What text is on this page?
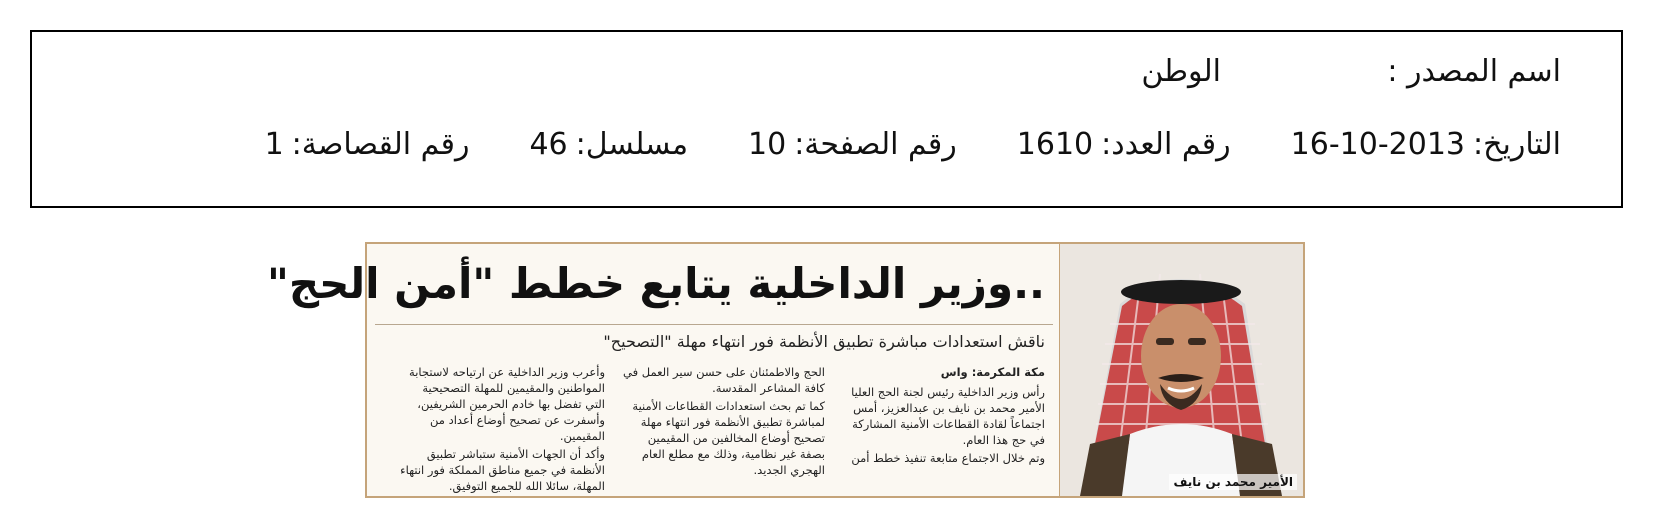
اسم المصدر :
الوطن
التاريخ:2013-10-16
رقم العدد:1610
رقم الصفحة:10
مسلسل:46
رقم القصاصة:1
الأمير محمد بن نايف
..وزير الداخلية يتابع خطط "أمن الحج"
ناقش استعدادات مباشرة تطبيق الأنظمة فور انتهاء مهلة "التصحيح"

مكة المكرمة: واس

رأس وزير الداخلية رئيس لجنة الحج العليا الأمير محمد بن نايف بن عبدالعزيز، أمس اجتماعاً لقادة القطاعات الأمنية المشاركة في حج هذا العام.

وتم خلال الاجتماع متابعة تنفيذ خطط أمن

الحج والاطمئنان على حسن سير العمل في كافة المشاعر المقدسة.

كما تم بحث استعدادات القطاعات الأمنية لمباشرة تطبيق الأنظمة فور انتهاء مهلة تصحيح أوضاع المخالفين من المقيمين بصفة غير نظامية، وذلك مع مطلع العام الهجري الجديد.

وأعرب وزير الداخلية عن ارتياحه لاستجابة المواطنين والمقيمين للمهلة التصحيحية التي تفضل بها خادم الحرمين الشريفين، وأسفرت عن تصحيح أوضاع أعداد من المقيمين.

وأكد أن الجهات الأمنية ستباشر تطبيق الأنظمة في جميع مناطق المملكة فور انتهاء المهلة، سائلا الله للجميع التوفيق.
